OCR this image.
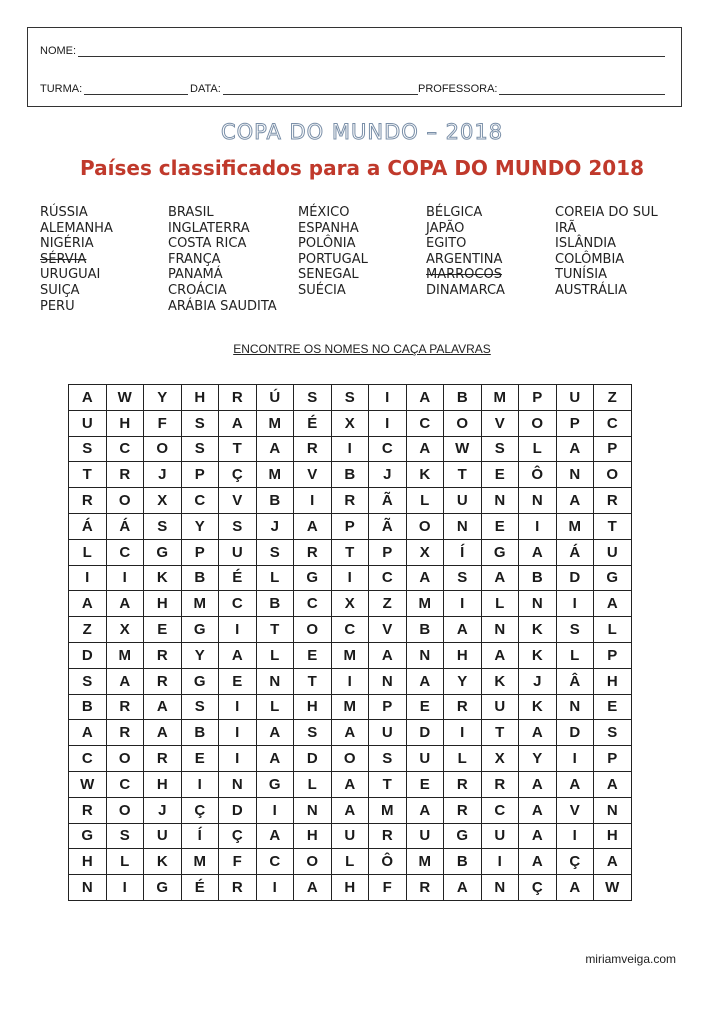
NOME:
TURMA:	DATA:	PROFESSORA:
COPA DO MUNDO – 2018
Países classificados para a COPA DO MUNDO 2018
RÚSSIA
ALEMANHA
NIGÉRIA
SÉRVIA
URUGUAI
SUIÇA
PERU
BRASIL
INGLATERRA
COSTA RICA
FRANÇA
PANAMÁ
CROÁCIA
ARÁBIA SAUDITA
MÉXICO
ESPANHA
POLÔNIA
PORTUGAL
SENEGAL
SUÉCIA
BÉLGICA
JAPÃO
EGITO
ARGENTINA
MARROCOS
DINAMARCA
COREIA DO SUL
IRÃ
ISLÂNDIA
COLÔMBIA
TUNÍSIA
AUSTRÁLIA
ENCONTRE OS NOMES NO CAÇA PALAVRAS
A	W	Y	H	R	Ú	S	S	I	A	B	M	P	U	Z
U	H	F	S	A	M	É	X	I	C	O	V	O	P	C
S	C	O	S	T	A	R	I	C	A	W	S	L	A	P
T	R	J	P	Ç	M	V	B	J	K	T	E	Ô	N	O
R	O	X	C	V	B	I	R	Ã	L	U	N	N	A	R
Á	Á	S	Y	S	J	A	P	Ã	O	N	E	I	M	T
L	C	G	P	U	S	R	T	P	X	Í	G	A	Á	U
I	I	K	B	É	L	G	I	C	A	S	A	B	D	G
A	A	H	M	C	B	C	X	Z	M	I	L	N	I	A
Z	X	E	G	I	T	O	C	V	B	A	N	K	S	L
D	M	R	Y	A	L	E	M	A	N	H	A	K	L	P
S	A	R	G	E	N	T	I	N	A	Y	K	J	Â	H
B	R	A	S	I	L	H	M	P	E	R	U	K	N	E
A	R	A	B	I	A	S	A	U	D	I	T	A	D	S
C	O	R	E	I	A	D	O	S	U	L	X	Y	I	P
W	C	H	I	N	G	L	A	T	E	R	R	A	A	A
R	O	J	Ç	D	I	N	A	M	A	R	C	A	V	N
G	S	U	Í	Ç	A	H	U	R	U	G	U	A	I	H
H	L	K	M	F	C	O	L	Ô	M	B	I	A	Ç	A
N	I	G	É	R	I	A	H	F	R	A	N	Ç	A	W
miriamveiga.com
